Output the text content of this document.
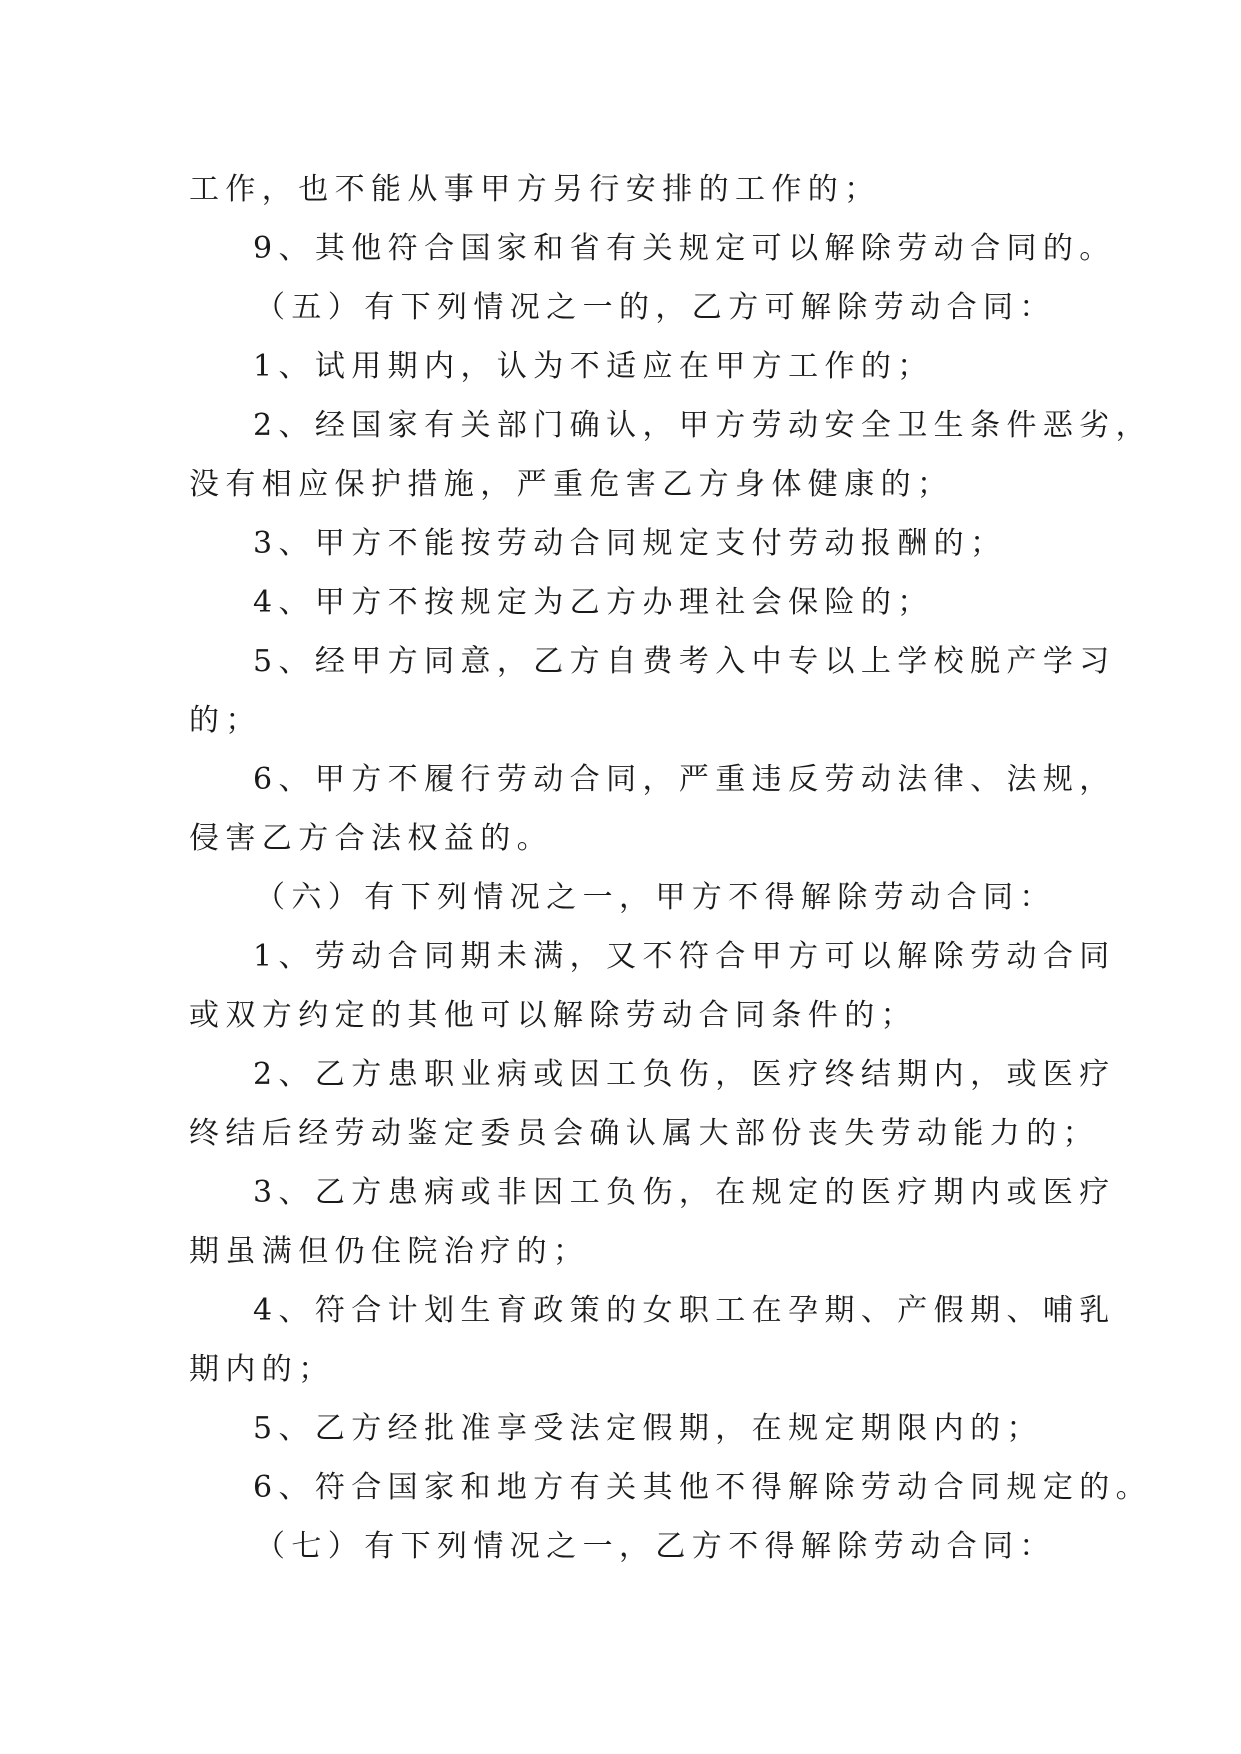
工作，也不能从事甲方另行安排的工作的；
9、其他符合国家和省有关规定可以解除劳动合同的。
（五）有下列情况之一的，乙方可解除劳动合同：
1、试用期内，认为不适应在甲方工作的；
2、经国家有关部门确认，甲方劳动安全卫生条件恶劣，
没有相应保护措施，严重危害乙方身体健康的；
3、甲方不能按劳动合同规定支付劳动报酬的；
4、甲方不按规定为乙方办理社会保险的；
5、经甲方同意，乙方自费考入中专以上学校脱产学习
的；
6、甲方不履行劳动合同，严重违反劳动法律、法规，
侵害乙方合法权益的。
（六）有下列情况之一，甲方不得解除劳动合同：
1、劳动合同期未满，又不符合甲方可以解除劳动合同
或双方约定的其他可以解除劳动合同条件的；
2、乙方患职业病或因工负伤，医疗终结期内，或医疗
终结后经劳动鉴定委员会确认属大部份丧失劳动能力的；
3、乙方患病或非因工负伤，在规定的医疗期内或医疗
期虽满但仍住院治疗的；
4、符合计划生育政策的女职工在孕期、产假期、哺乳
期内的；
5、乙方经批准享受法定假期，在规定期限内的；
6、符合国家和地方有关其他不得解除劳动合同规定的。
（七）有下列情况之一，乙方不得解除劳动合同：
